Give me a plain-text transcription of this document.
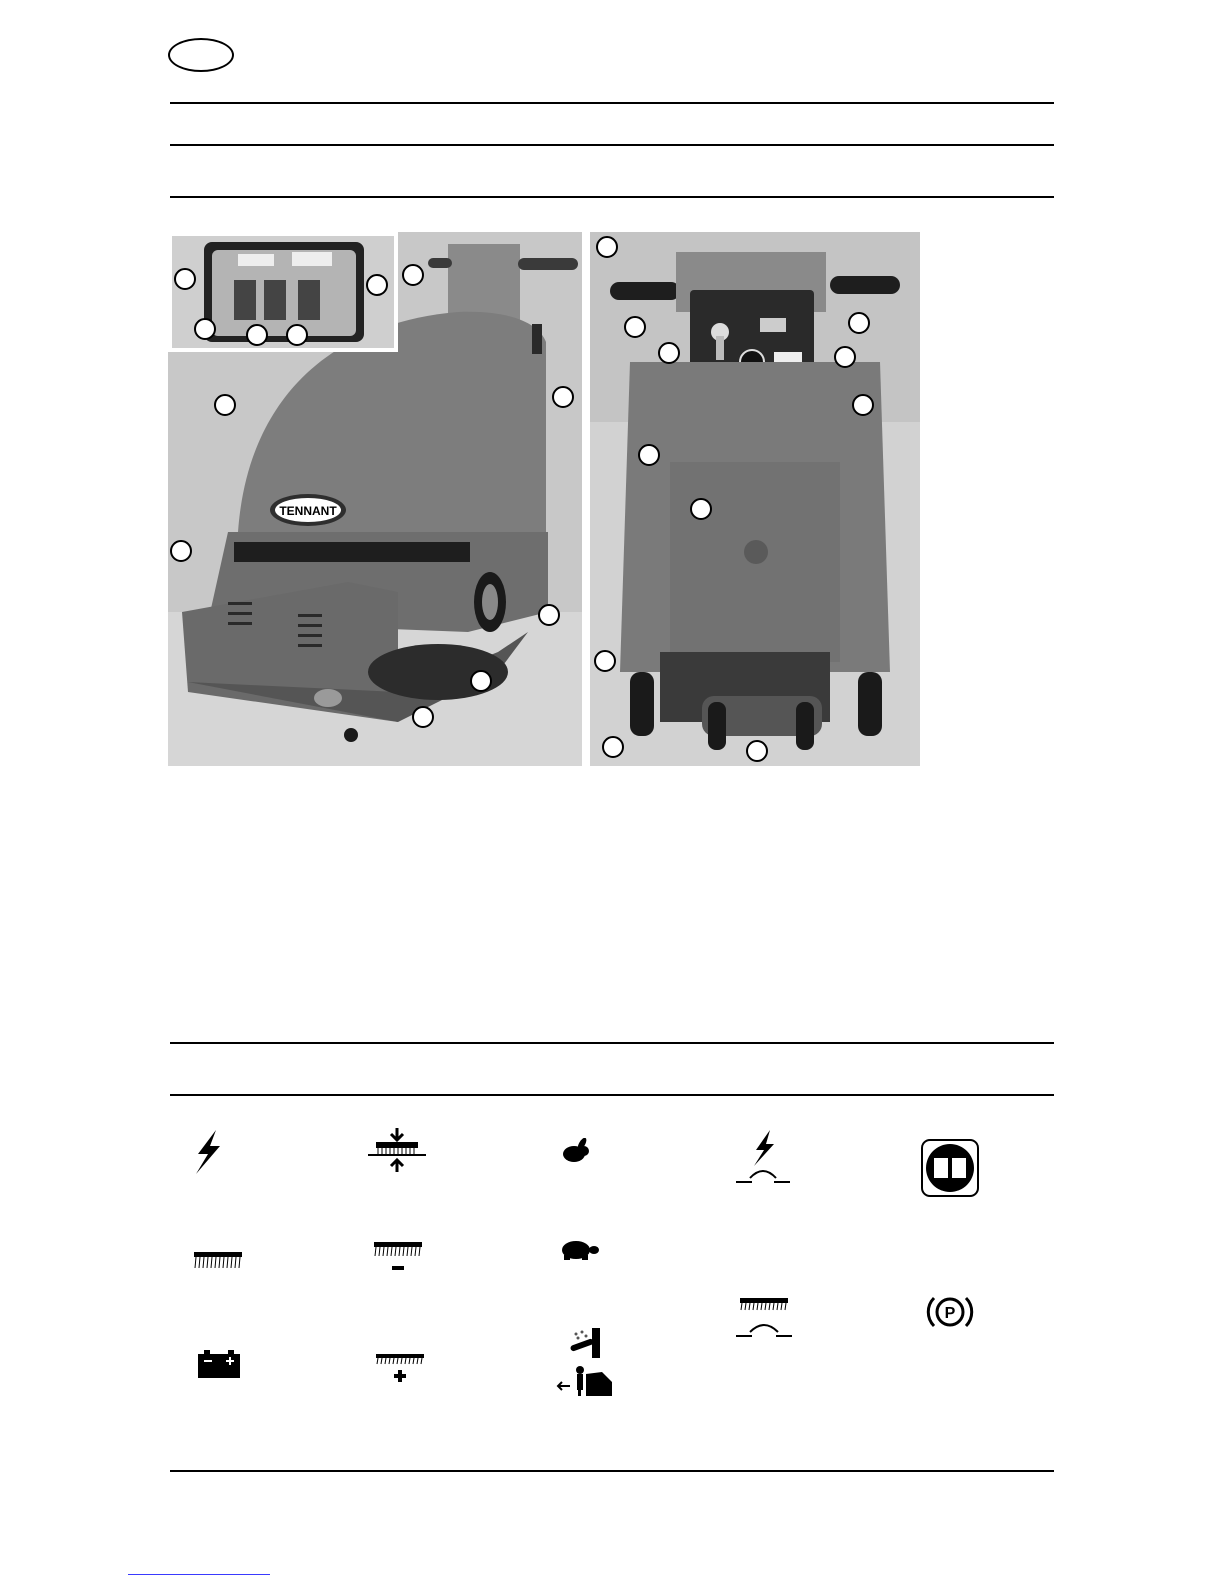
TENNANT
P
